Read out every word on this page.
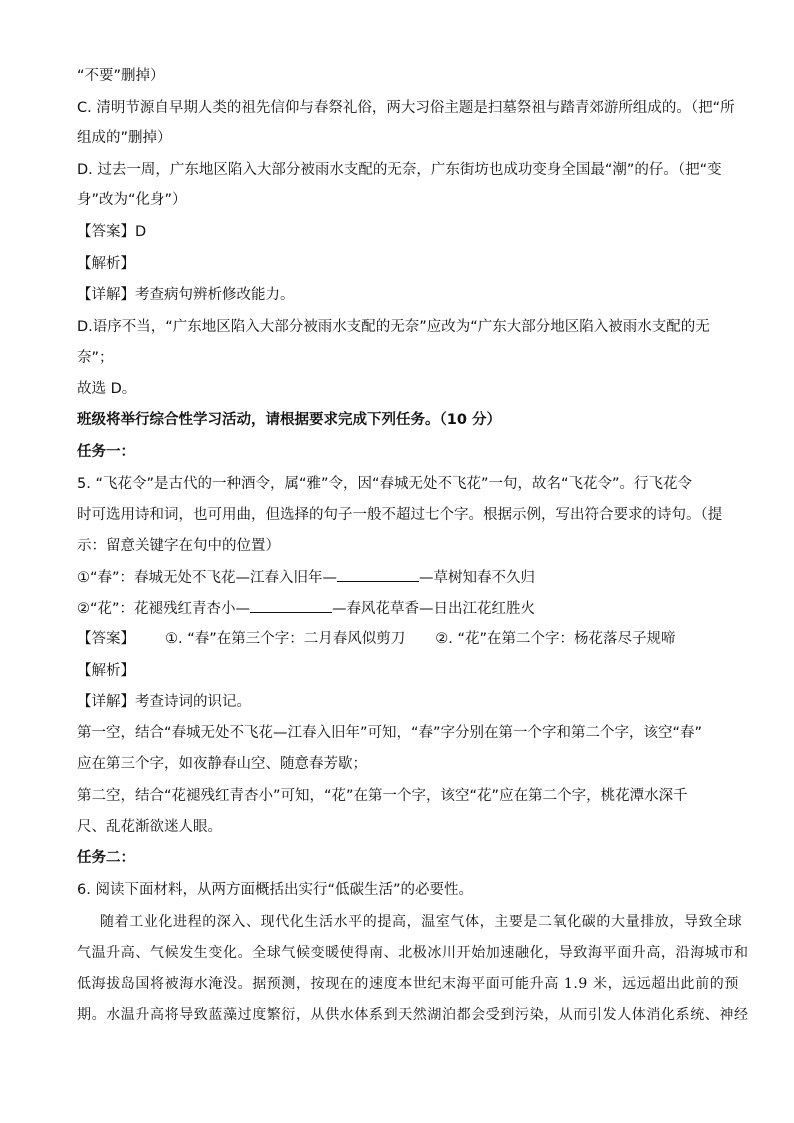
“不要”删掉）
C. 清明节源自早期人类的祖先信仰与春祭礼俗，两大习俗主题是扫墓祭祖与踏青郊游所组成的。（把“所
组成的”删掉）
D. 过去一周，广东地区陷入大部分被雨水支配的无奈，广东街坊也成功变身全国最“潮”的仔。（把“变
身”改为“化身”）
【答案】D
【解析】
【详解】考查病句辨析修改能力。
D.语序不当，“广东地区陷入大部分被雨水支配的无奈”应改为“广东大部分地区陷入被雨水支配的无
奈”；
故选 D。
班级将举行综合性学习活动，请根据要求完成下列任务。（10 分）
任务一：
5. “飞花令”是古代的一种酒令，属“雅”令，因“春城无处不飞花”一句，故名“飞花令”。行飞花令
时可选用诗和词，也可用曲，但选择的句子一般不超过七个字。根据示例，写出符合要求的诗句。（提
示：留意关键字在句中的位置）
①“春”：春城无处不飞花—江春入旧年—	—草树知春不久归
②“花”：花褪残红青杏小—	—春风花草香—日出江花红胜火
【答案】 ①. “春”在第三个字：二月春风似剪刀 ②. “花”在第二个字：杨花落尽子规啼
【解析】
【详解】考查诗词的识记。
第一空，结合“春城无处不飞花—江春入旧年”可知，“春”字分别在第一个字和第二个字，该空“春”
应在第三个字，如夜静春山空、随意春芳歇；
第二空，结合“花褪残红青杏小”可知，“花”在第一个字，该空“花”应在第二个字，桃花潭水深千
尺、乱花渐欲迷人眼。
任务二：
6. 阅读下面材料，从两方面概括出实行“低碳生活”的必要性。
随着工业化进程的深入、现代化生活水平的提高，温室气体，主要是二氧化碳的大量排放，导致全球
气温升高、气候发生变化。全球气候变暖使得南、北极冰川开始加速融化，导致海平面升高，沿海城市和
低海拔岛国将被海水淹没。据预测，按现在的速度本世纪末海平面可能升高 1.9 米，远远超出此前的预
期。水温升高将导致蓝藻过度繁衍，从供水体系到天然湖泊都会受到污染，从而引发人体消化系统、神经
